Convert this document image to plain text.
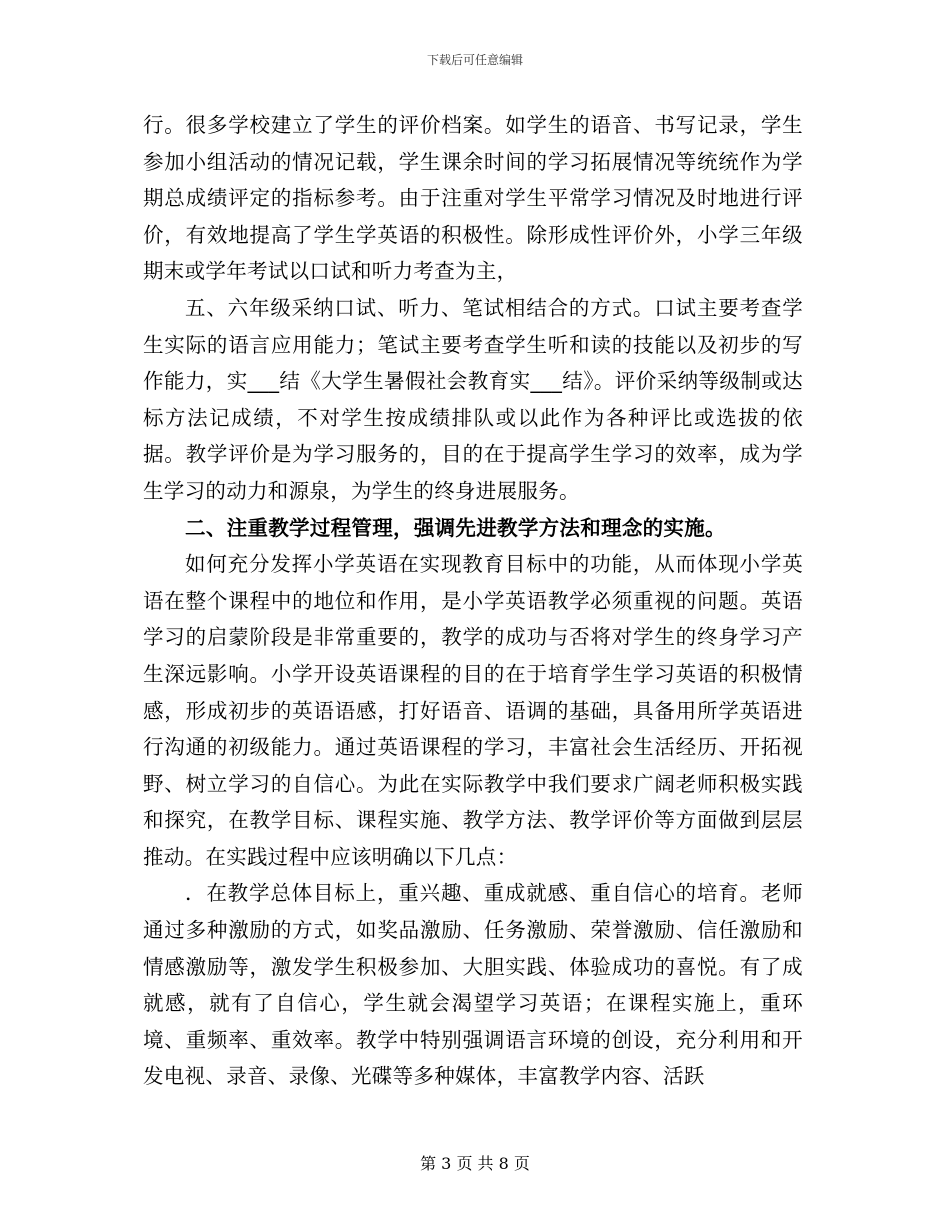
下载后可任意编辑

行。很多学校建立了学生的评价档案。如学生的语音、书写记录，学生参加小组活动的情况记载，学生课余时间的学习拓展情况等统统作为学期总成绩评定的指标参考。由于注重对学生平常学习情况及时地进行评价，有效地提高了学生学英语的积极性。除形成性评价外，小学三年级期末或学年考试以口试和听力考查为主，

五、六年级采纳口试、听力、笔试相结合的方式。口试主要考查学生实际的语言应用能力；笔试主要考查学生听和读的技能以及初步的写作能力，实___结《大学生暑假社会教育实___结》。评价采纳等级制或达标方法记成绩，不对学生按成绩排队或以此作为各种评比或选拔的依据。教学评价是为学习服务的，目的在于提高学生学习的效率，成为学生学习的动力和源泉，为学生的终身进展服务。

二、注重教学过程管理，强调先进教学方法和理念的实施。

如何充分发挥小学英语在实现教育目标中的功能，从而体现小学英语在整个课程中的地位和作用，是小学英语教学必须重视的问题。英语学习的启蒙阶段是非常重要的，教学的成功与否将对学生的终身学习产生深远影响。小学开设英语课程的目的在于培育学生学习英语的积极情感，形成初步的英语语感，打好语音、语调的基础，具备用所学英语进行沟通的初级能力。通过英语课程的学习，丰富社会生活经历、开拓视野、树立学习的自信心。为此在实际教学中我们要求广阔老师积极实践和探究，在教学目标、课程实施、教学方法、教学评价等方面做到层层推动。在实践过程中应该明确以下几点：

．在教学总体目标上，重兴趣、重成就感、重自信心的培育。老师通过多种激励的方式，如奖品激励、任务激励、荣誉激励、信任激励和情感激励等，激发学生积极参加、大胆实践、体验成功的喜悦。有了成就感，就有了自信心，学生就会渴望学习英语；在课程实施上，重环境、重频率、重效率。教学中特别强调语言环境的创设，充分利用和开发电视、录音、录像、光碟等多种媒体，丰富教学内容、活跃

第 3 页 共 8 页
